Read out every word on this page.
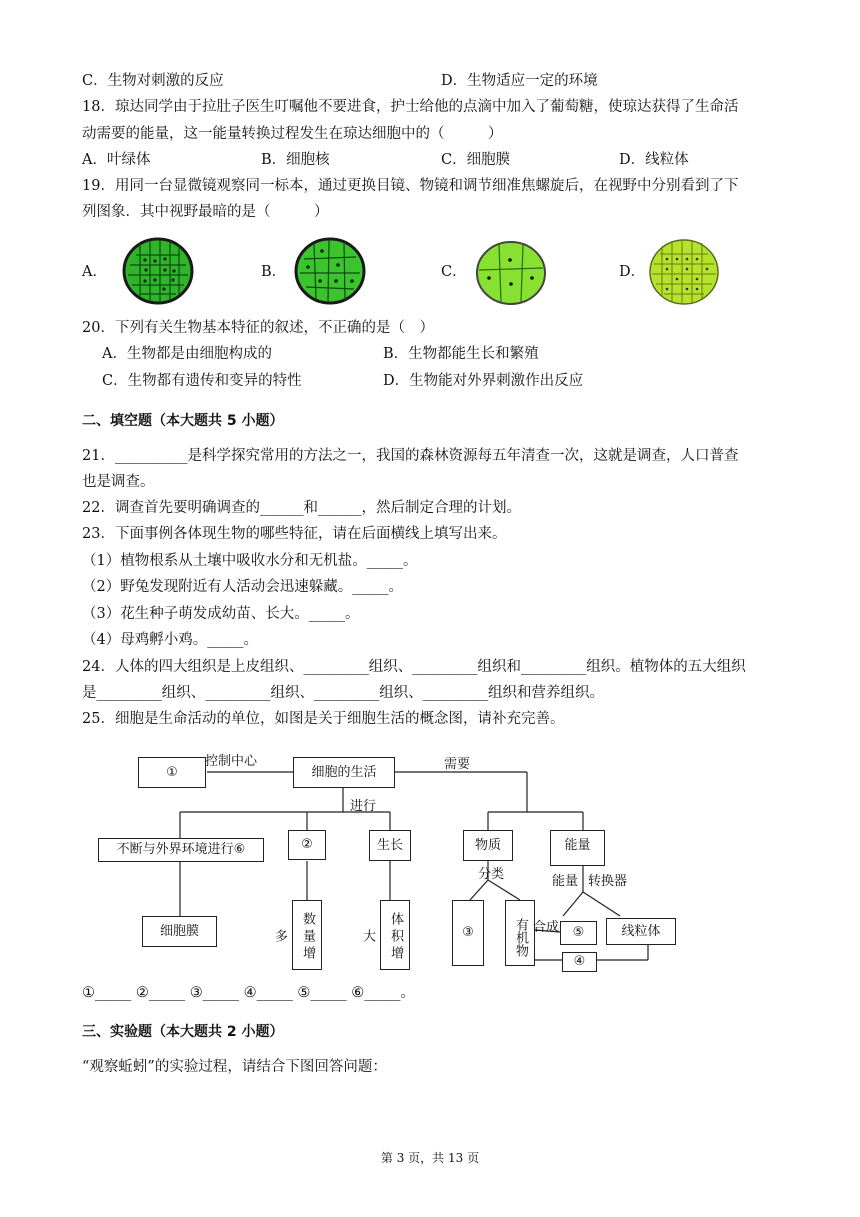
C．生物对刺激的反应	D．生物适应一定的环境
18．琼达同学由于拉肚子医生叮嘱他不要进食，护士给他的点滴中加入了葡萄糖，使琼达获得了生命活
动需要的能量，这一能量转换过程发生在琼达细胞中的（　　　）
A．叶绿体	B．细胞核	C．细胞膜	D．线粒体
19．用同一台显微镜观察同一标本，通过更换目镜、物镜和调节细准焦螺旋后，在视野中分别看到了下
列图象．其中视野最暗的是（　　　）
A．	B．	C．	D．
20．下列有关生物基本特征的叙述，不正确的是（　）
A．生物都是由细胞构成的	B．生物都能生长和繁殖
C．生物都有遗传和变异的特性	D．生物能对外界刺激作出反应
二、填空题（本大题共 5 小题）
21．__________是科学探究常用的方法之一，我国的森林资源每五年清查一次，这就是调查，人口普查
也是调查。
22．调查首先要明确调查的______和______，然后制定合理的计划。
23．下面事例各体现生物的哪些特征，请在后面横线上填写出来。
（1）植物根系从土壤中吸收水分和无机盐。_____。
（2）野兔发现附近有人活动会迅速躲藏。_____。
（3）花生种子萌发成幼苗、长大。_____。
（4）母鸡孵小鸡。_____。
24．人体的四大组织是上皮组织、_________组织、_________组织和_________组织。植物体的五大组织
是_________组织、_________组织、_________组织、_________组织和营养组织。
25．细胞是生命活动的单位，如图是关于细胞生活的概念图，请补充完善。
①
控制中心
细胞的生活
需要
进行
不断与外界环境进行⑥	②	生长	物质	能量
分类	能量 转换器
细胞膜	数量增多	体积增大	③	有机物 合成	⑤	线粒体
④
①_____ ②_____ ③_____ ④_____ ⑤_____ ⑥_____。
三、实验题（本大题共 2 小题）
“观察蚯蚓”的实验过程，请结合下图回答问题：
第 3 页，共 13 页
